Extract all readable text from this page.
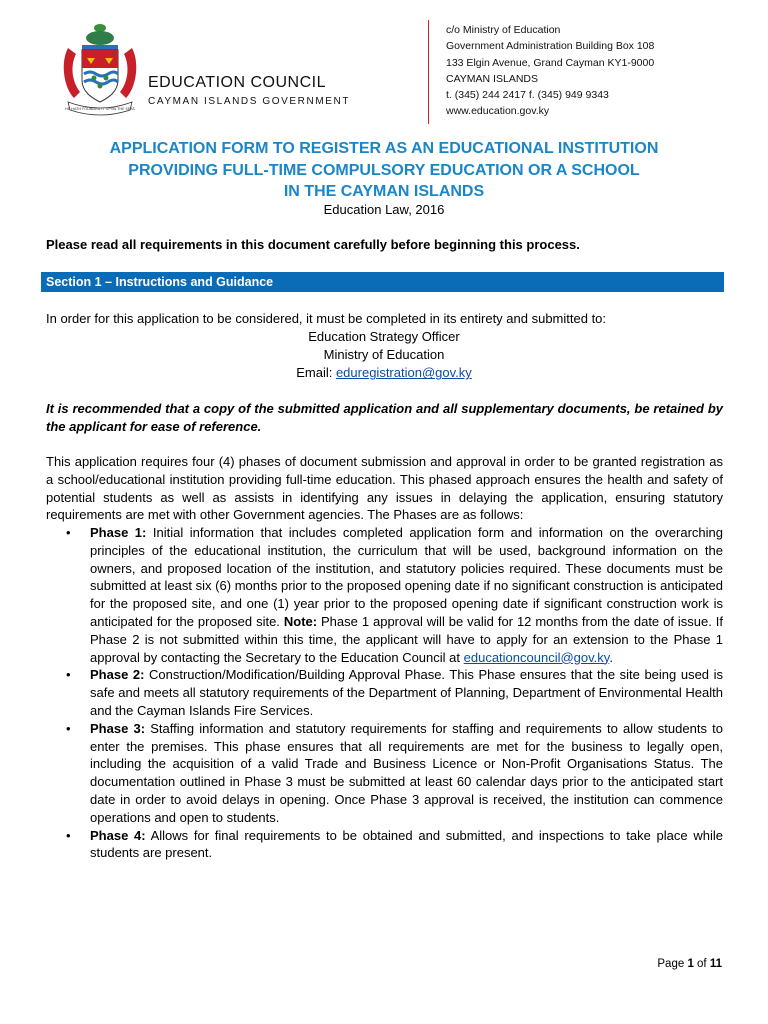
HE HATH FOUNDED IT UPON THE SEAS
EDUCATION COUNCIL
CAYMAN ISLANDS GOVERNMENT
c/o Ministry of Education
Government Administration Building Box 108
133 Elgin Avenue, Grand Cayman KY1-9000
CAYMAN ISLANDS
t. (345) 244 2417 f. (345) 949 9343
www.education.gov.ky
APPLICATION FORM TO REGISTER AS AN EDUCATIONAL INSTITUTION
PROVIDING FULL-TIME COMPULSORY EDUCATION OR A SCHOOL
IN THE CAYMAN ISLANDS
Education Law, 2016
Please read all requirements in this document carefully before beginning this process.
Section 1 – Instructions and Guidance
In order for this application to be considered, it must be completed in its entirety and submitted to:
Education Strategy Officer
Ministry of Education
Email: eduregistration@gov.ky
It is recommended that a copy of the submitted application and all supplementary documents, be retained by the applicant for ease of reference.
This application requires four (4) phases of document submission and approval in order to be granted registration as a school/educational institution providing full-time education. This phased approach ensures the health and safety of potential students as well as assists in identifying any issues in delaying the application, ensuring statutory requirements are met with other Government agencies. The Phases are as follows:
• Phase 1: Initial information that includes completed application form and information on the overarching principles of the educational institution, the curriculum that will be used, background information on the owners, and proposed location of the institution, and statutory policies required. These documents must be submitted at least six (6) months prior to the proposed opening date if no significant construction is anticipated for the proposed site, and one (1) year prior to the proposed opening date if significant construction work is anticipated for the proposed site. Note: Phase 1 approval will be valid for 12 months from the date of issue. If Phase 2 is not submitted within this time, the applicant will have to apply for an extension to the Phase 1 approval by contacting the Secretary to the Education Council at educationcouncil@gov.ky.
• Phase 2: Construction/Modification/Building Approval Phase. This Phase ensures that the site being used is safe and meets all statutory requirements of the Department of Planning, Department of Environmental Health and the Cayman Islands Fire Services.
• Phase 3: Staffing information and statutory requirements for staffing and requirements to allow students to enter the premises. This phase ensures that all requirements are met for the business to legally open, including the acquisition of a valid Trade and Business Licence or Non-Profit Organisations Status. The documentation outlined in Phase 3 must be submitted at least 60 calendar days prior to the anticipated start date in order to avoid delays in opening. Once Phase 3 approval is received, the institution can commence operations and open to students.
• Phase 4: Allows for final requirements to be obtained and submitted, and inspections to take place while students are present.
Page 1 of 11
